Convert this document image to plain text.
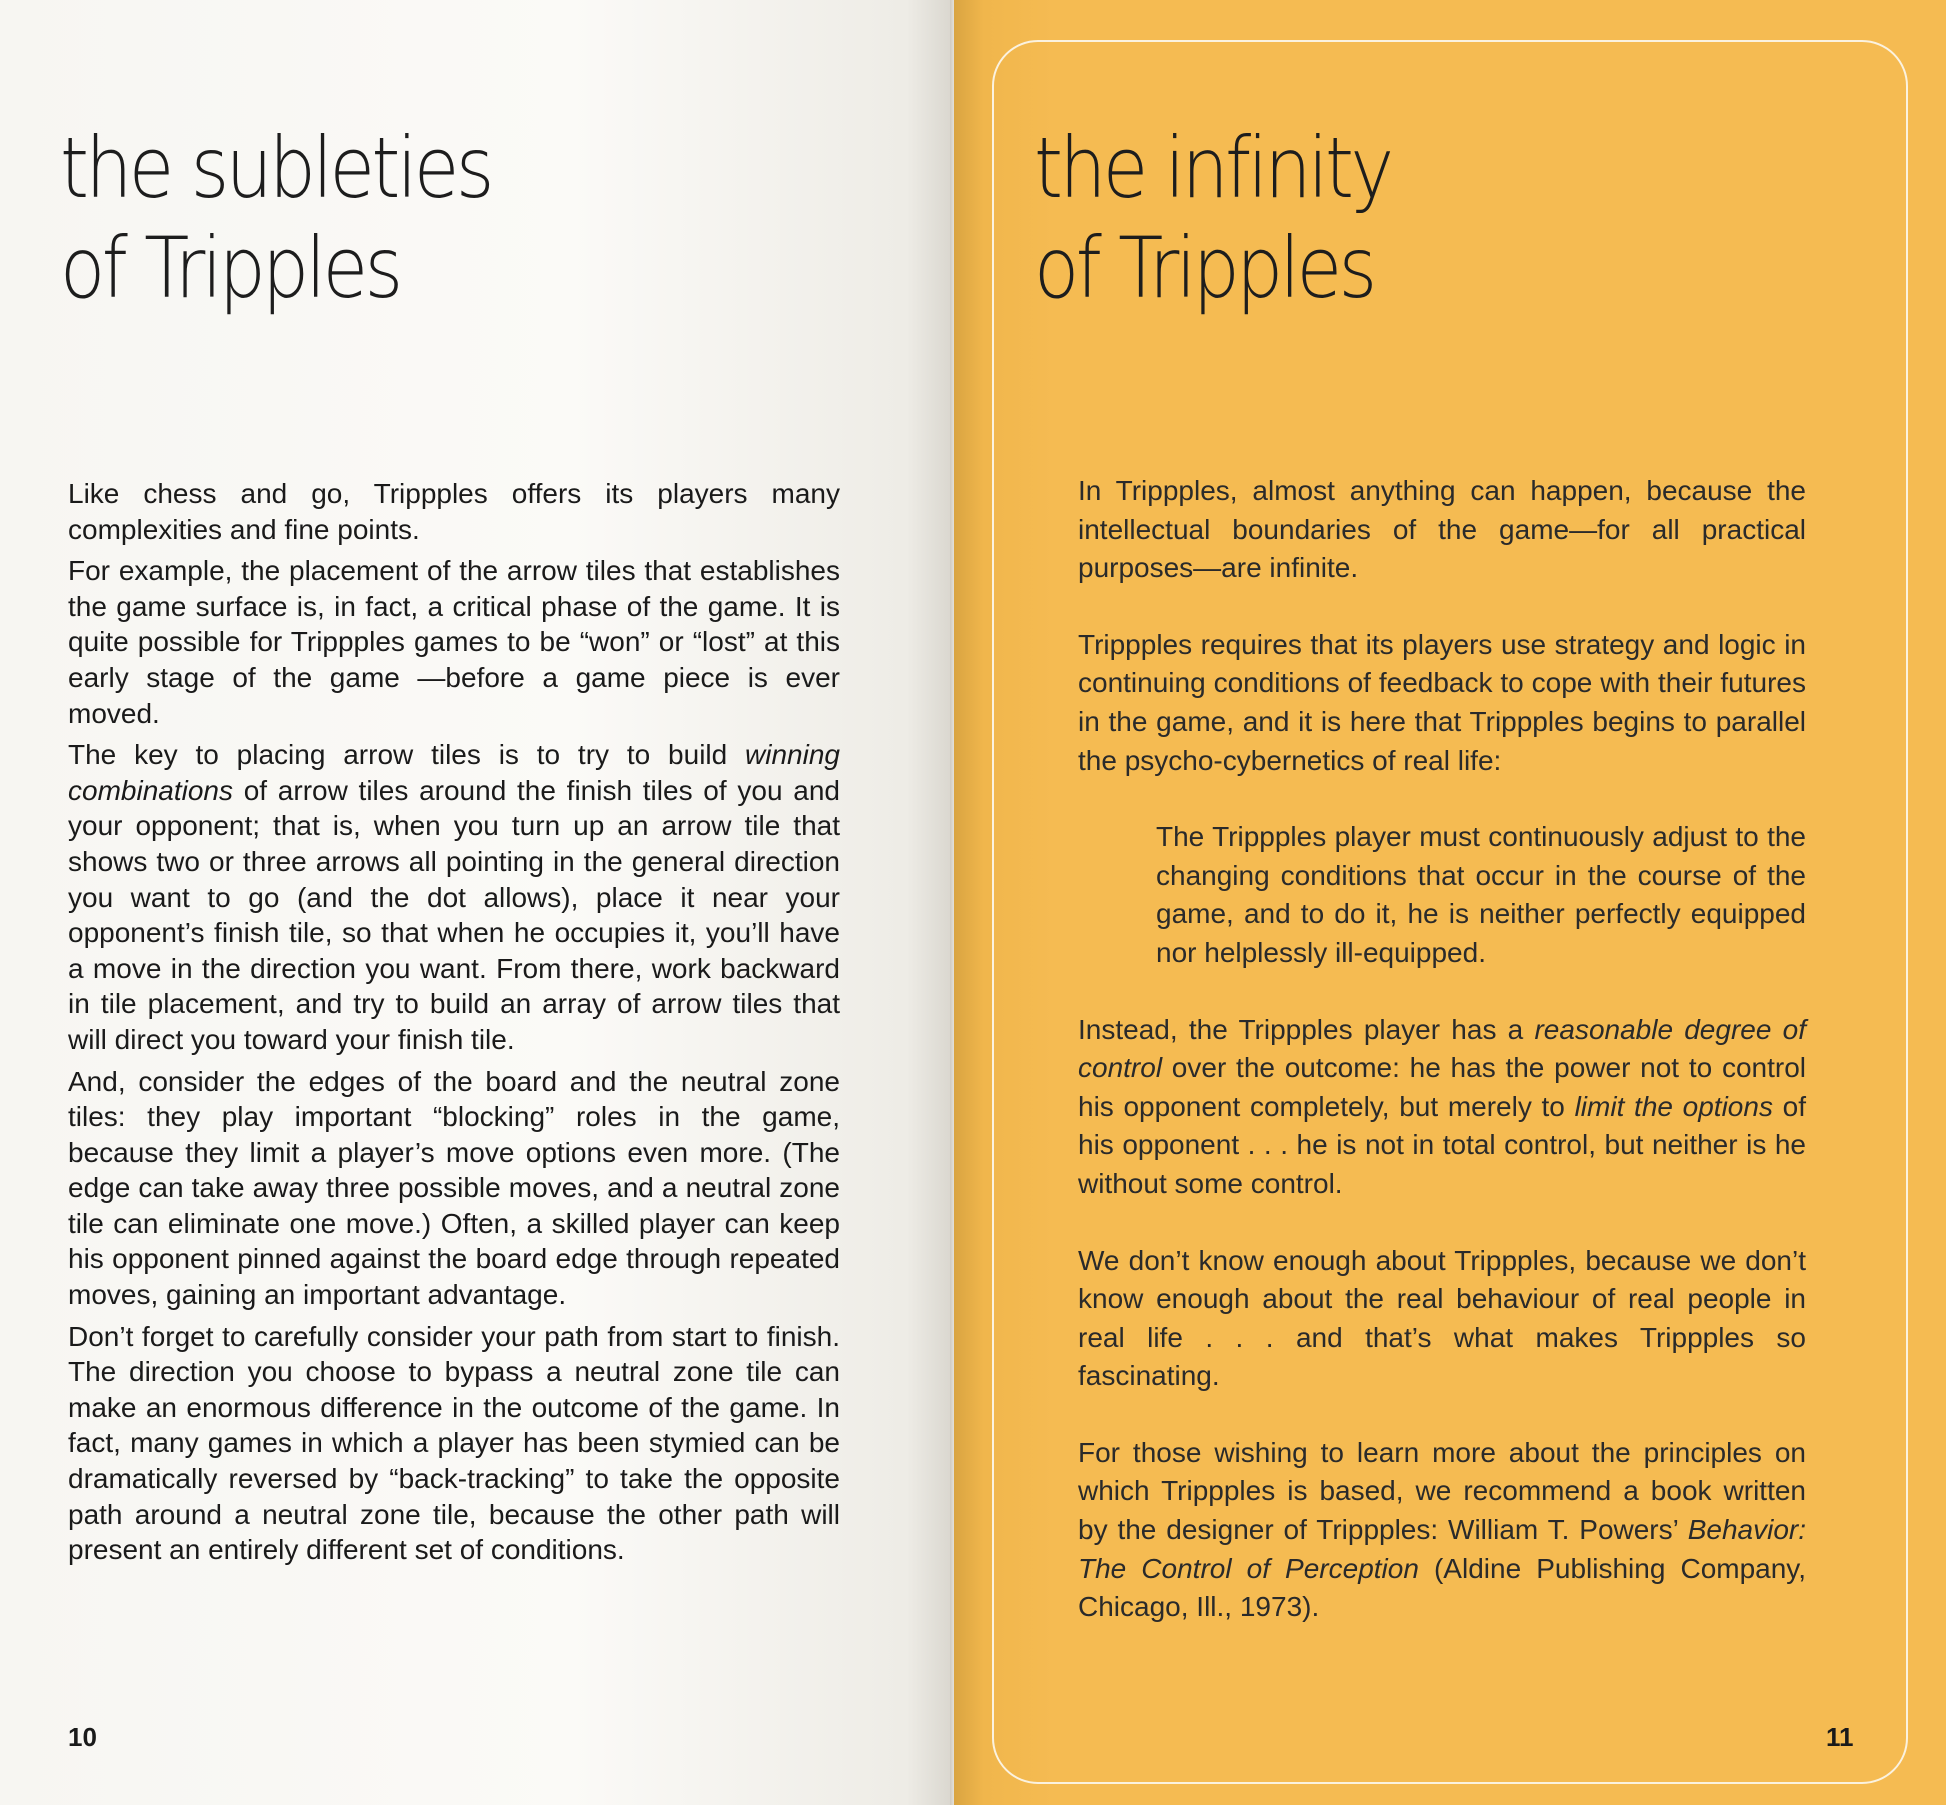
the subleties
of Tripples

Like chess and go, Trippples offers its players many complexities and fine points.

For example, the placement of the arrow tiles that establishes the game surface is, in fact, a critical phase of the game. It is quite possible for Trippples games to be “won” or “lost” at this early stage of the game —before a game piece is ever moved.

The key to placing arrow tiles is to try to build winning combinations of arrow tiles around the finish tiles of you and your opponent; that is, when you turn up an arrow tile that shows two or three arrows all pointing in the general direction you want to go (and the dot allows), place it near your opponent’s finish tile, so that when he occupies it, you’ll have a move in the direction you want. From there, work backward in tile placement, and try to build an array of arrow tiles that will direct you toward your finish tile.

And, consider the edges of the board and the neutral zone tiles: they play important “blocking” roles in the game, because they limit a player’s move options even more. (The edge can take away three possible moves, and a neutral zone tile can eliminate one move.) Often, a skilled player can keep his opponent pinned against the board edge through repeated moves, gaining an important advantage.

Don’t forget to carefully consider your path from start to finish. The direction you choose to bypass a neutral zone tile can make an enormous difference in the outcome of the game. In fact, many games in which a player has been stymied can be dramatically reversed by “back-tracking” to take the opposite path around a neutral zone tile, because the other path will present an entirely different set of conditions.

10
the infinity
of Tripples

In Trippples, almost anything can happen, because the intellectual boundaries of the game—for all practical purposes—are infinite.

Trippples requires that its players use strategy and logic in continuing conditions of feedback to cope with their futures in the game, and it is here that Trippples begins to parallel the psycho-cybernetics of real life:

The Trippples player must continuously adjust to the changing conditions that occur in the course of the game, and to do it, he is neither perfectly equipped nor helplessly ill-equipped.

Instead, the Trippples player has a reasonable degree of control over the outcome: he has the power not to control his opponent completely, but merely to limit the options of his opponent . . . he is not in total control, but neither is he without some control.

We don’t know enough about Trippples, because we don’t know enough about the real behaviour of real people in real life . . . and that’s what makes Trippples so fascinating.

For those wishing to learn more about the principles on which Trippples is based, we recommend a book written by the designer of Trippples: William T. Powers’ Behavior: The Control of Perception (Aldine Publishing Company, Chicago, Ill., 1973).

11
